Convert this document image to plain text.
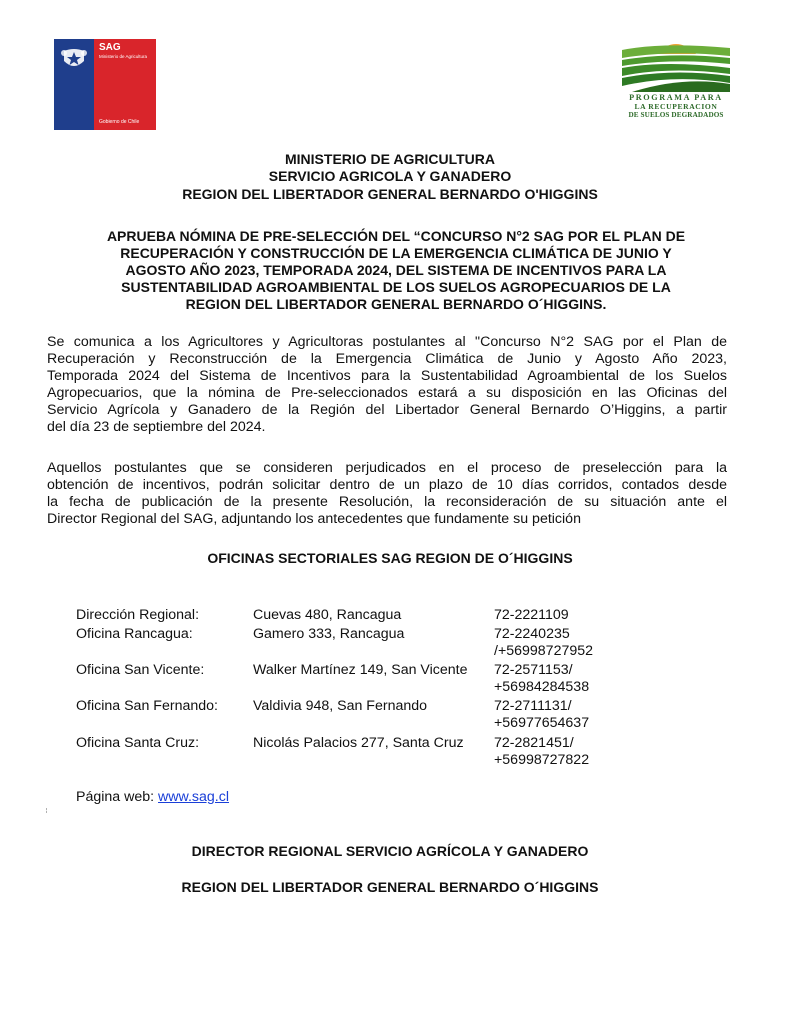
SAG
Ministerio de Agricultura
Gobierno de Chile
PROGRAMA PARA
LA RECUPERACION
DE SUELOS DEGRADADOS
MINISTERIO DE AGRICULTURA
SERVICIO AGRICOLA Y GANADERO
REGION DEL LIBERTADOR GENERAL BERNARDO O'HIGGINS
APRUEBA NÓMINA DE PRE-SELECCIÓN DEL “CONCURSO N°2 SAG POR EL PLAN DE
RECUPERACIÓN Y CONSTRUCCIÓN DE LA EMERGENCIA CLIMÁTICA DE JUNIO Y
AGOSTO AÑO 2023, TEMPORADA 2024, DEL SISTEMA DE INCENTIVOS PARA LA
SUSTENTABILIDAD AGROAMBIENTAL DE LOS SUELOS AGROPECUARIOS DE LA
REGION DEL LIBERTADOR GENERAL BERNARDO O´HIGGINS.
Se comunica a los Agricultores y Agricultoras postulantes al "Concurso N°2 SAG por el Plan de
Recuperación y Reconstrucción de la Emergencia Climática de Junio y Agosto Año 2023,
Temporada 2024 del Sistema de Incentivos para la Sustentabilidad Agroambiental de los Suelos
Agropecuarios, que la nómina de Pre-seleccionados estará a su disposición en las Oficinas del
Servicio Agrícola y Ganadero de la Región del Libertador General Bernardo O’Higgins, a partir
del día 23 de septiembre del 2024.
Aquellos postulantes que se consideren perjudicados en el proceso de preselección para la
obtención de incentivos, podrán solicitar dentro de un plazo de 10 días corridos, contados desde
la fecha de publicación de la presente Resolución, la reconsideración de su situación ante el
Director Regional del SAG, adjuntando los antecedentes que fundamente su petición
OFICINAS SECTORIALES SAG REGION DE O´HIGGINS
Dirección Regional:	Cuevas 480, Rancagua	72-2221109
Oficina Rancagua:	Gamero 333, Rancagua	72-2240235 /+56998727952
Oficina San Vicente:	Walker Martínez 149, San Vicente	72-2571153/ +56984284538
Oficina San Fernando:	Valdivia 948, San Fernando	72-2711131/ +56977654637
Oficina Santa Cruz:	Nicolás Palacios 277, Santa Cruz	72-2821451/ +56998727822
Página web: www.sag.cl
¦
DIRECTOR REGIONAL SERVICIO AGRÍCOLA Y GANADERO
REGION DEL LIBERTADOR GENERAL BERNARDO O´HIGGINS
